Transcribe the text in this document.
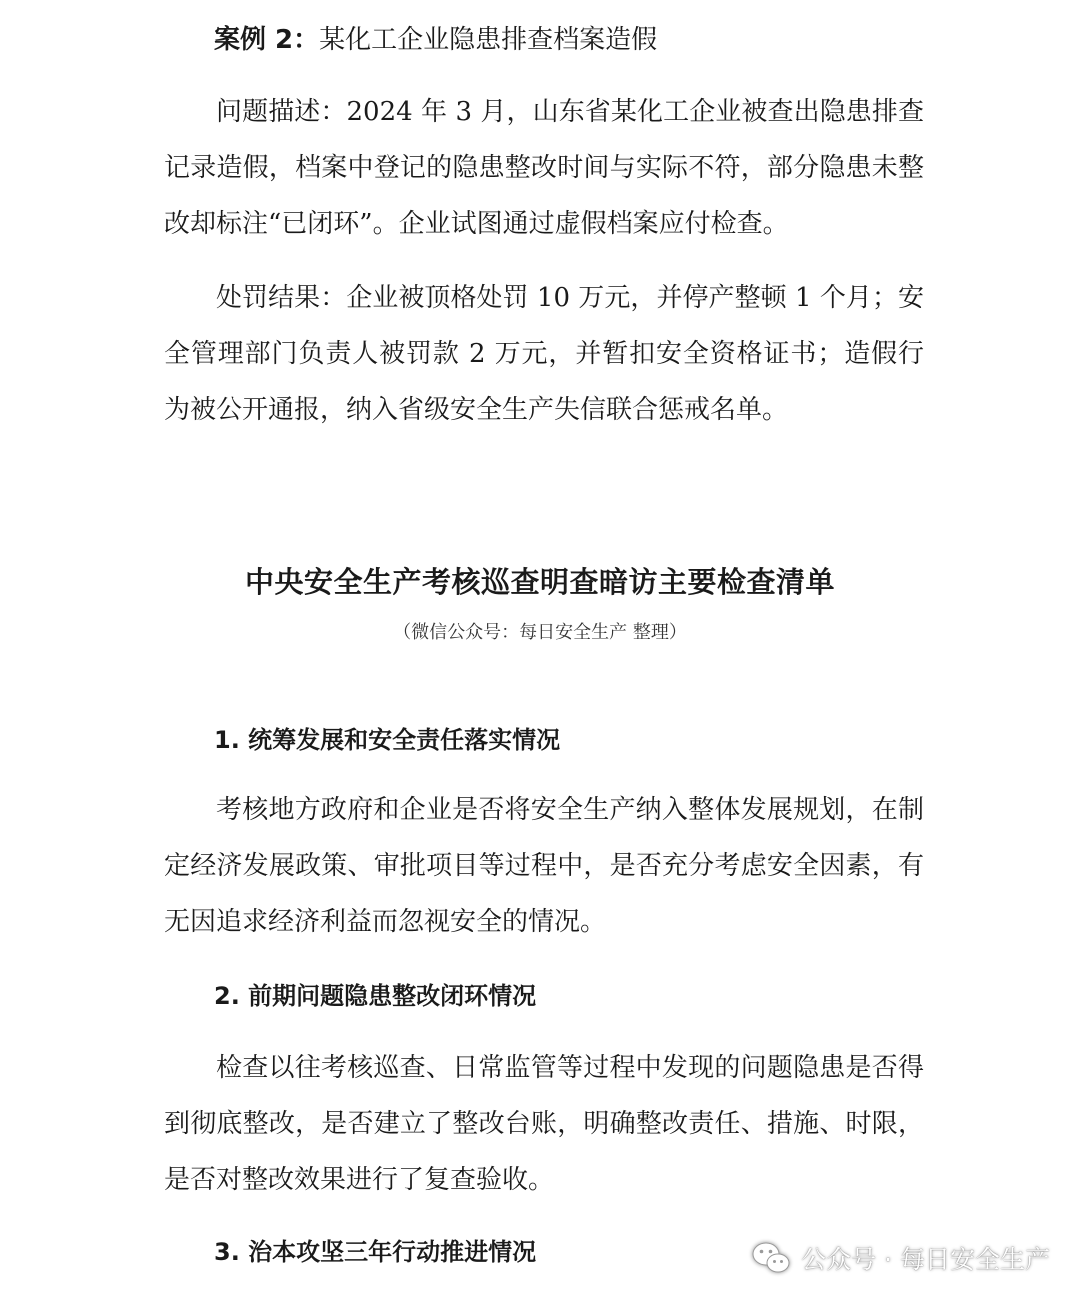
案例 2：某化工企业隐患排查档案造假

问题描述：2024 年 3 月，山东省某化工企业被查出隐患排查记录造假，档案中登记的隐患整改时间与实际不符，部分隐患未整改却标注“已闭环”。企业试图通过虚假档案应付检查。

处罚结果：企业被顶格处罚 10 万元，并停产整顿 1 个月；安全管理部门负责人被罚款 2 万元，并暂扣安全资格证书；造假行为被公开通报，纳入省级安全生产失信联合惩戒名单。

中央安全生产考核巡查明查暗访主要检查清单
（微信公众号：每日安全生产 整理）
1. 统筹发展和安全责任落实情况

考核地方政府和企业是否将安全生产纳入整体发展规划，在制定经济发展政策、审批项目等过程中，是否充分考虑安全因素，有无因追求经济利益而忽视安全的情况。

2. 前期问题隐患整改闭环情况

检查以往考核巡查、日常监管等过程中发现的问题隐患是否得到彻底整改，是否建立了整改台账，明确整改责任、措施、时限，是否对整改效果进行了复查验收。

3. 治本攻坚三年行动推进情况	公众号 · 每日安全生产
